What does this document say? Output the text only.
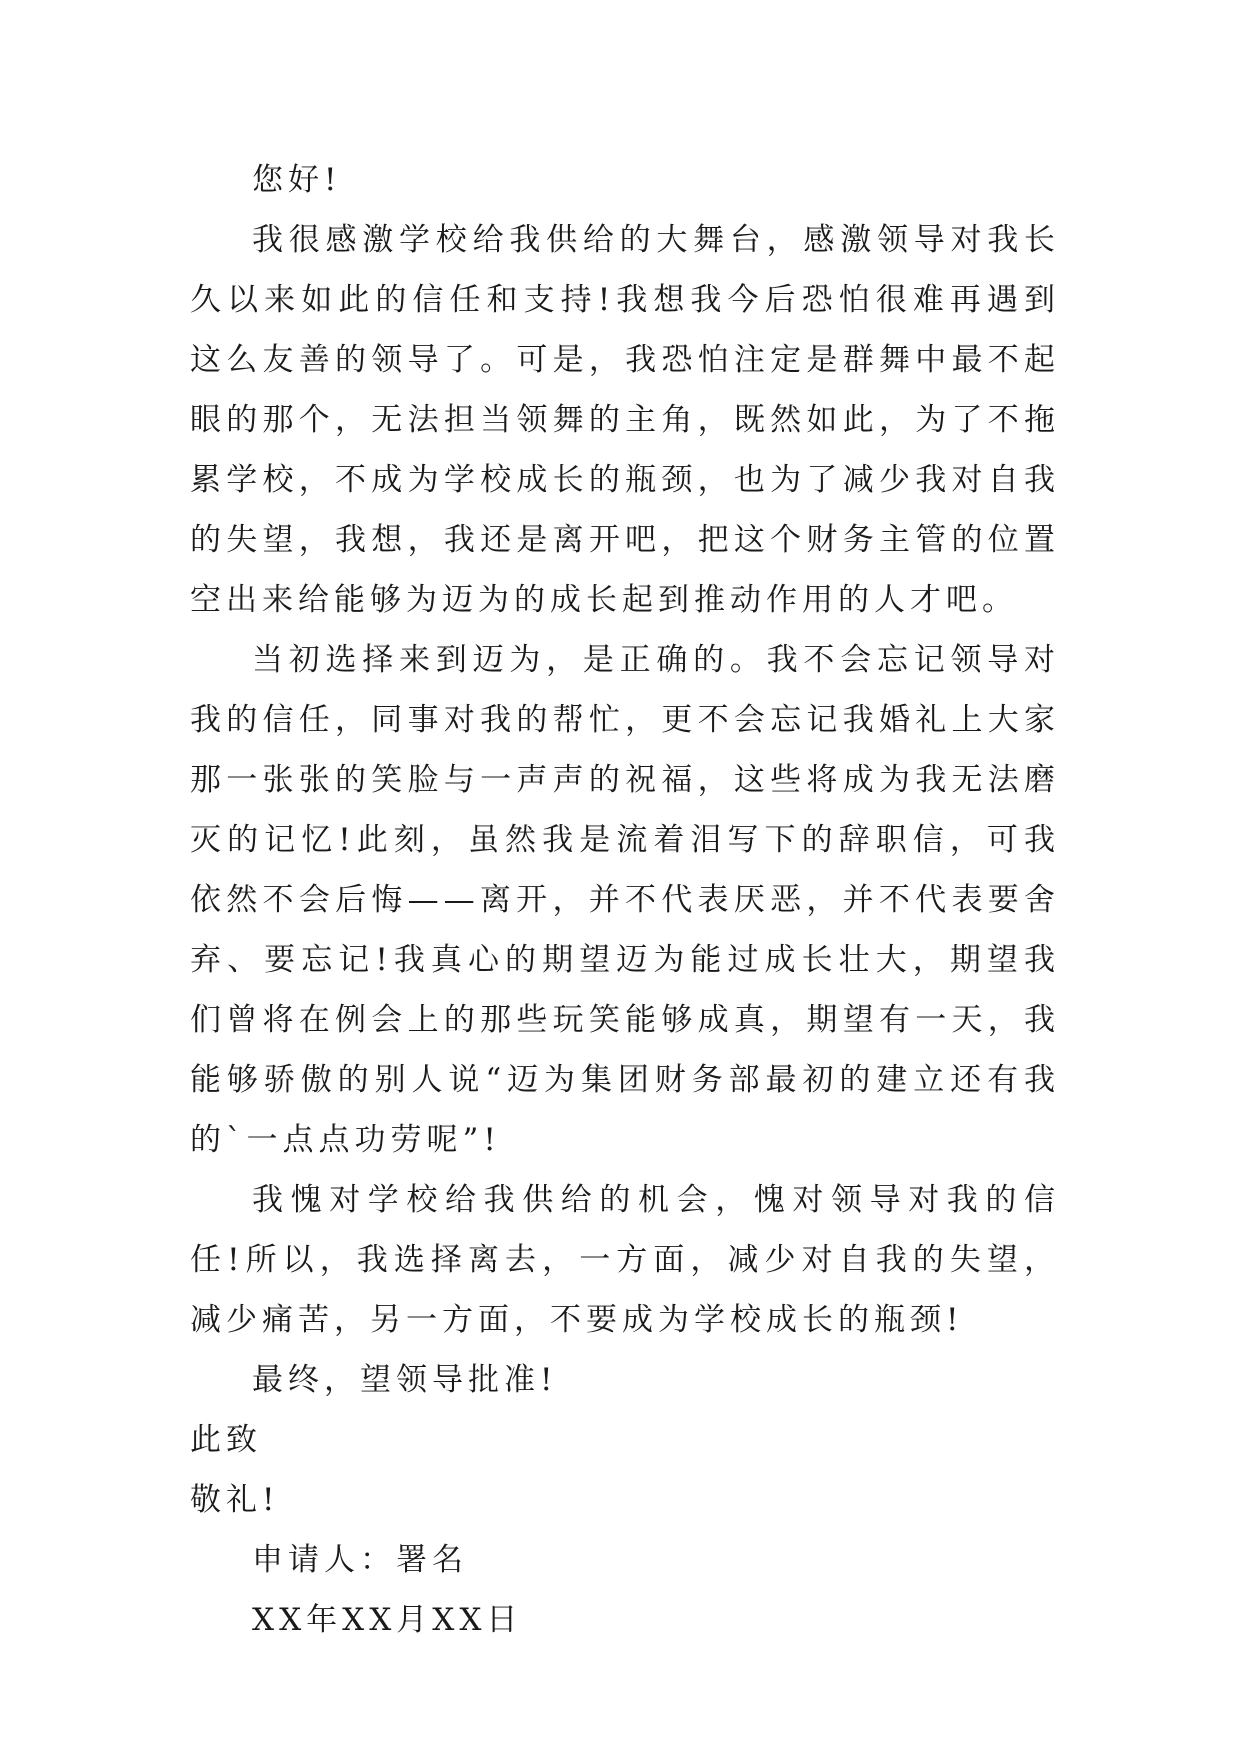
您好!

我很感激学校给我供给的大舞台，感激领导对我长久以来如此的信任和支持!我想我今后恐怕很难再遇到这么友善的领导了。可是，我恐怕注定是群舞中最不起眼的那个，无法担当领舞的主角，既然如此，为了不拖累学校，不成为学校成长的瓶颈，也为了减少我对自我的失望，我想，我还是离开吧，把这个财务主管的位置空出来给能够为迈为的成长起到推动作用的人才吧。

当初选择来到迈为，是正确的。我不会忘记领导对我的信任，同事对我的帮忙，更不会忘记我婚礼上大家那一张张的笑脸与一声声的祝福，这些将成为我无法磨灭的记忆!此刻，虽然我是流着泪写下的辞职信，可我依然不会后悔——离开，并不代表厌恶，并不代表要舍弃、要忘记!我真心的期望迈为能过成长壮大，期望我们曾将在例会上的那些玩笑能够成真，期望有一天，我能够骄傲的别人说“迈为集团财务部最初的建立还有我的`一点点功劳呢”!

我愧对学校给我供给的机会，愧对领导对我的信任!所以，我选择离去，一方面，减少对自我的失望，减少痛苦，另一方面，不要成为学校成长的瓶颈!

最终，望领导批准!

此致

敬礼!

申请人：署名

XX年XX月XX日
